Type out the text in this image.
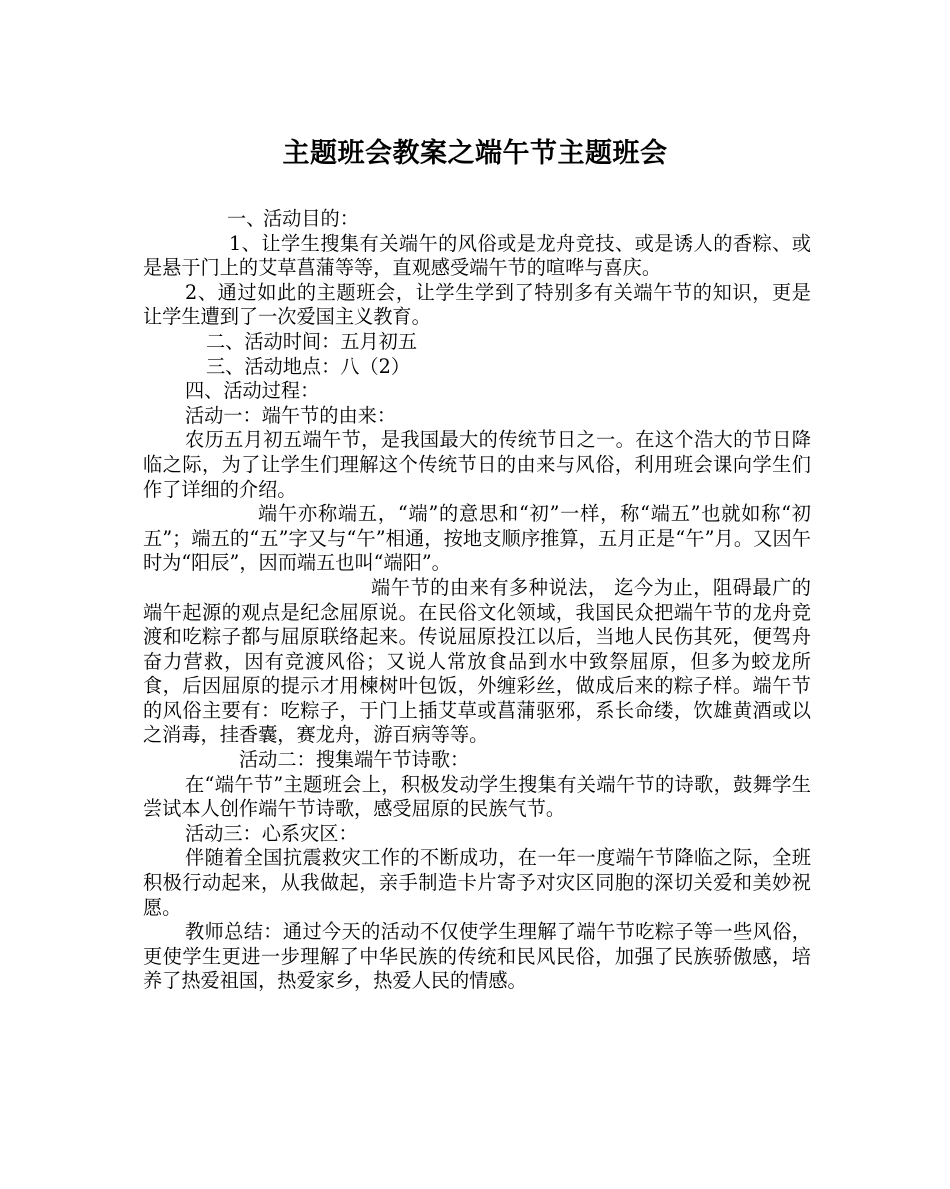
主题班会教案之端午节主题班会

一、活动目的：

1、让学生搜集有关端午的风俗或是龙舟竞技、或是诱人的香粽、或是悬于门上的艾草菖蒲等等，直观感受端午节的喧哗与喜庆。

2、通过如此的主题班会，让学生学到了特别多有关端午节的知识，更是让学生遭到了一次爱国主义教育。

二、活动时间：五月初五

三、活动地点：八（2）

四、活动过程：

活动一：端午节的由来：

农历五月初五端午节，是我国最大的传统节日之一。在这个浩大的节日降临之际，为了让学生们理解这个传统节日的由来与风俗，利用班会课向学生们作了详细的介绍。

端午亦称端五，“端”的意思和“初”一样，称“端五”也就如称“初五”；端五的“五”字又与“午”相通，按地支顺序推算，五月正是“午”月。又因午时为“阳辰”，因而端五也叫“端阳”。

端午节的由来有多种说法， 迄今为止，阻碍最广的端午起源的观点是纪念屈原说。在民俗文化领域，我国民众把端午节的龙舟竞渡和吃粽子都与屈原联络起来。传说屈原投江以后，当地人民伤其死，便驾舟奋力营救，因有竞渡风俗；又说人常放食品到水中致祭屈原，但多为蛟龙所食，后因屈原的提示才用楝树叶包饭，外缠彩丝，做成后来的粽子样。端午节的风俗主要有：吃粽子，于门上插艾草或菖蒲驱邪，系长命缕，饮雄黄酒或以之消毒，挂香囊，赛龙舟，游百病等等。

活动二：搜集端午节诗歌：

在“端午节”主题班会上，积极发动学生搜集有关端午节的诗歌，鼓舞学生尝试本人创作端午节诗歌，感受屈原的民族气节。

活动三：心系灾区：

伴随着全国抗震救灾工作的不断成功，在一年一度端午节降临之际，全班积极行动起来，从我做起，亲手制造卡片寄予对灾区同胞的深切关爱和美妙祝愿。

教师总结：通过今天的活动不仅使学生理解了端午节吃粽子等一些风俗，更使学生更进一步理解了中华民族的传统和民风民俗，加强了民族骄傲感，培养了热爱祖国，热爱家乡，热爱人民的情感。
